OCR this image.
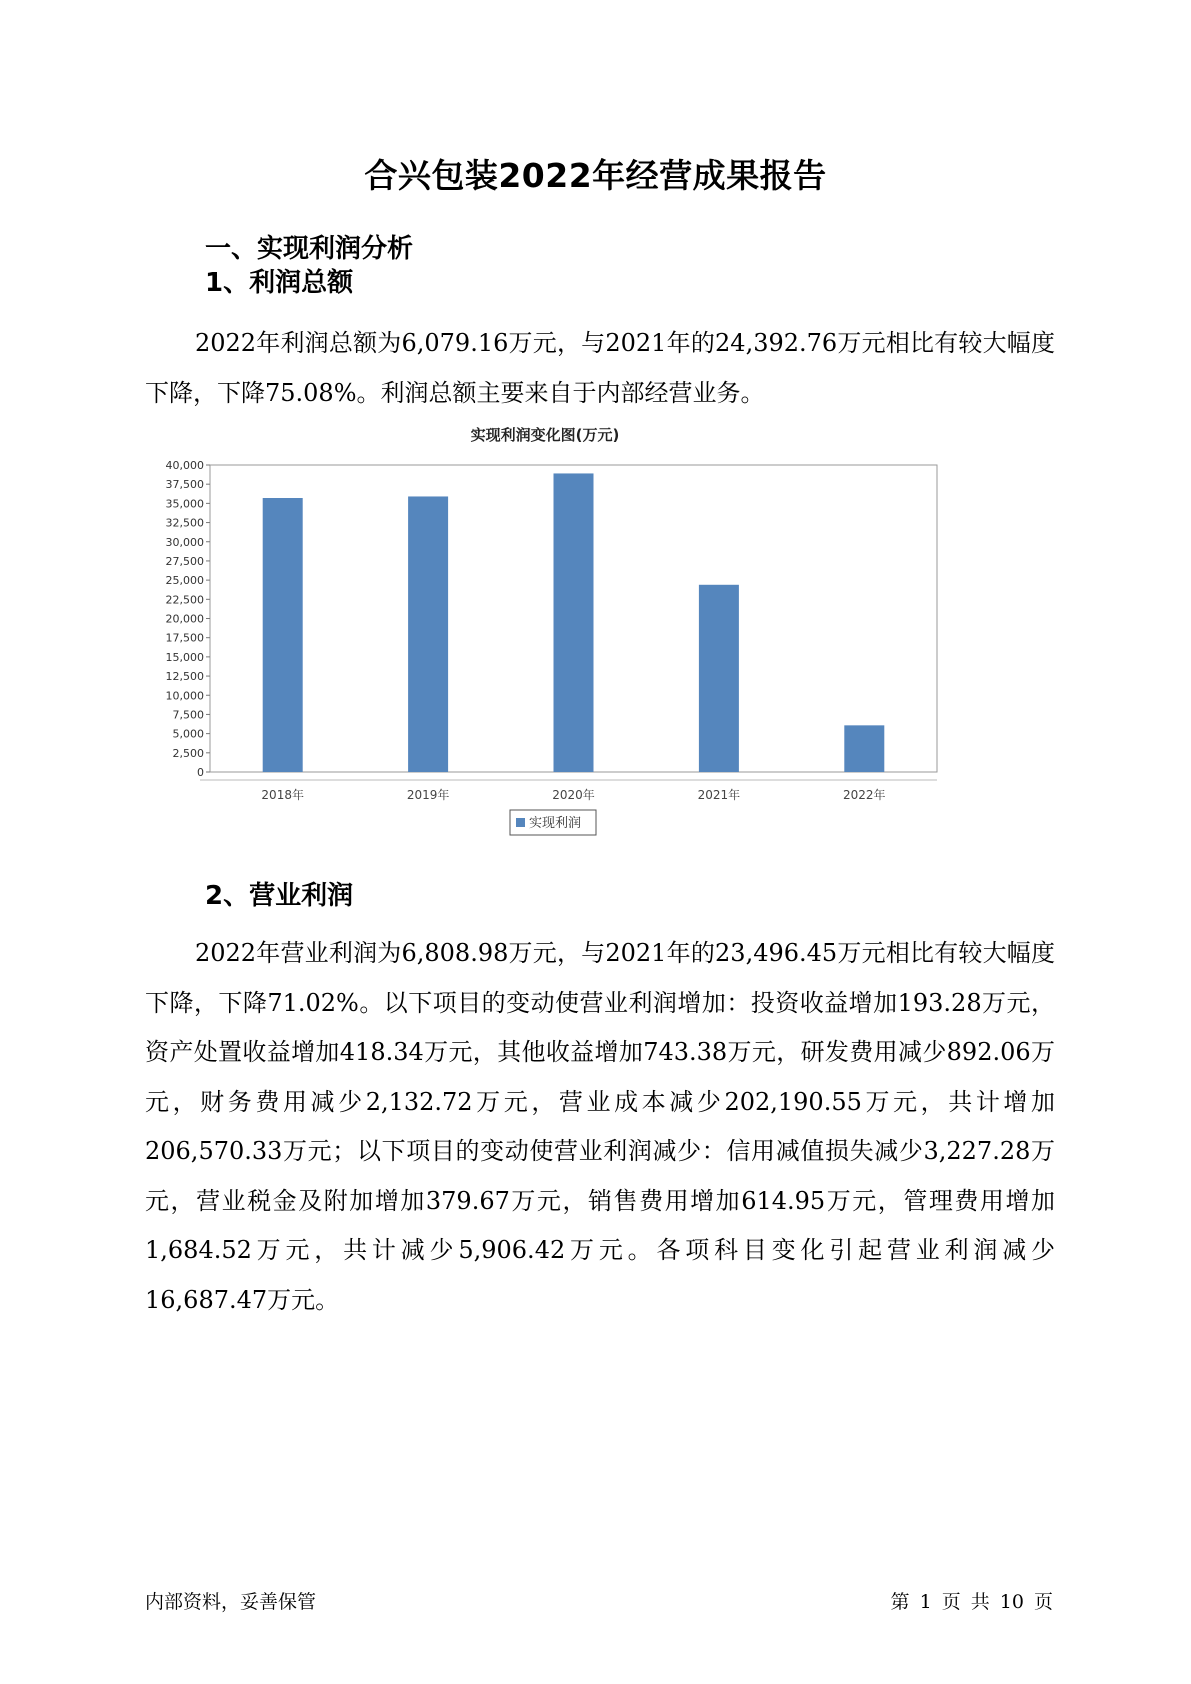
合兴包装2022年经营成果报告
一、实现利润分析
1、利润总额

2022年利润总额为6,079.16万元，与2021年的24,392.76万元相比有较大幅度下降，下降75.08%。利润总额主要来自于内部经营业务。

实现利润变化图(万元)
0
2,500
5,000
7,500
10,000
12,500
15,000
17,500
20,000
22,500
25,000
27,500
30,000
32,500
35,000
37,500
40,000
2018年	2019年	2020年	2021年	2022年
实现利润
2、营业利润

2022年营业利润为6,808.98万元，与2021年的23,496.45万元相比有较大幅度下降，下降71.02%。以下项目的变动使营业利润增加：投资收益增加193.28万元，资产处置收益增加418.34万元，其他收益增加743.38万元，研发费用减少892.06万元，财务费用减少2,132.72万元，营业成本减少202,190.55万元，共计增加206,570.33万元；以下项目的变动使营业利润减少：信用减值损失减少3,227.28万元，营业税金及附加增加379.67万元，销售费用增加614.95万元，管理费用增加1,684.52万元，共计减少5,906.42万元。各项科目变化引起营业利润减少16,687.47万元。

内部资料，妥善保管	第 1 页 共 10 页
